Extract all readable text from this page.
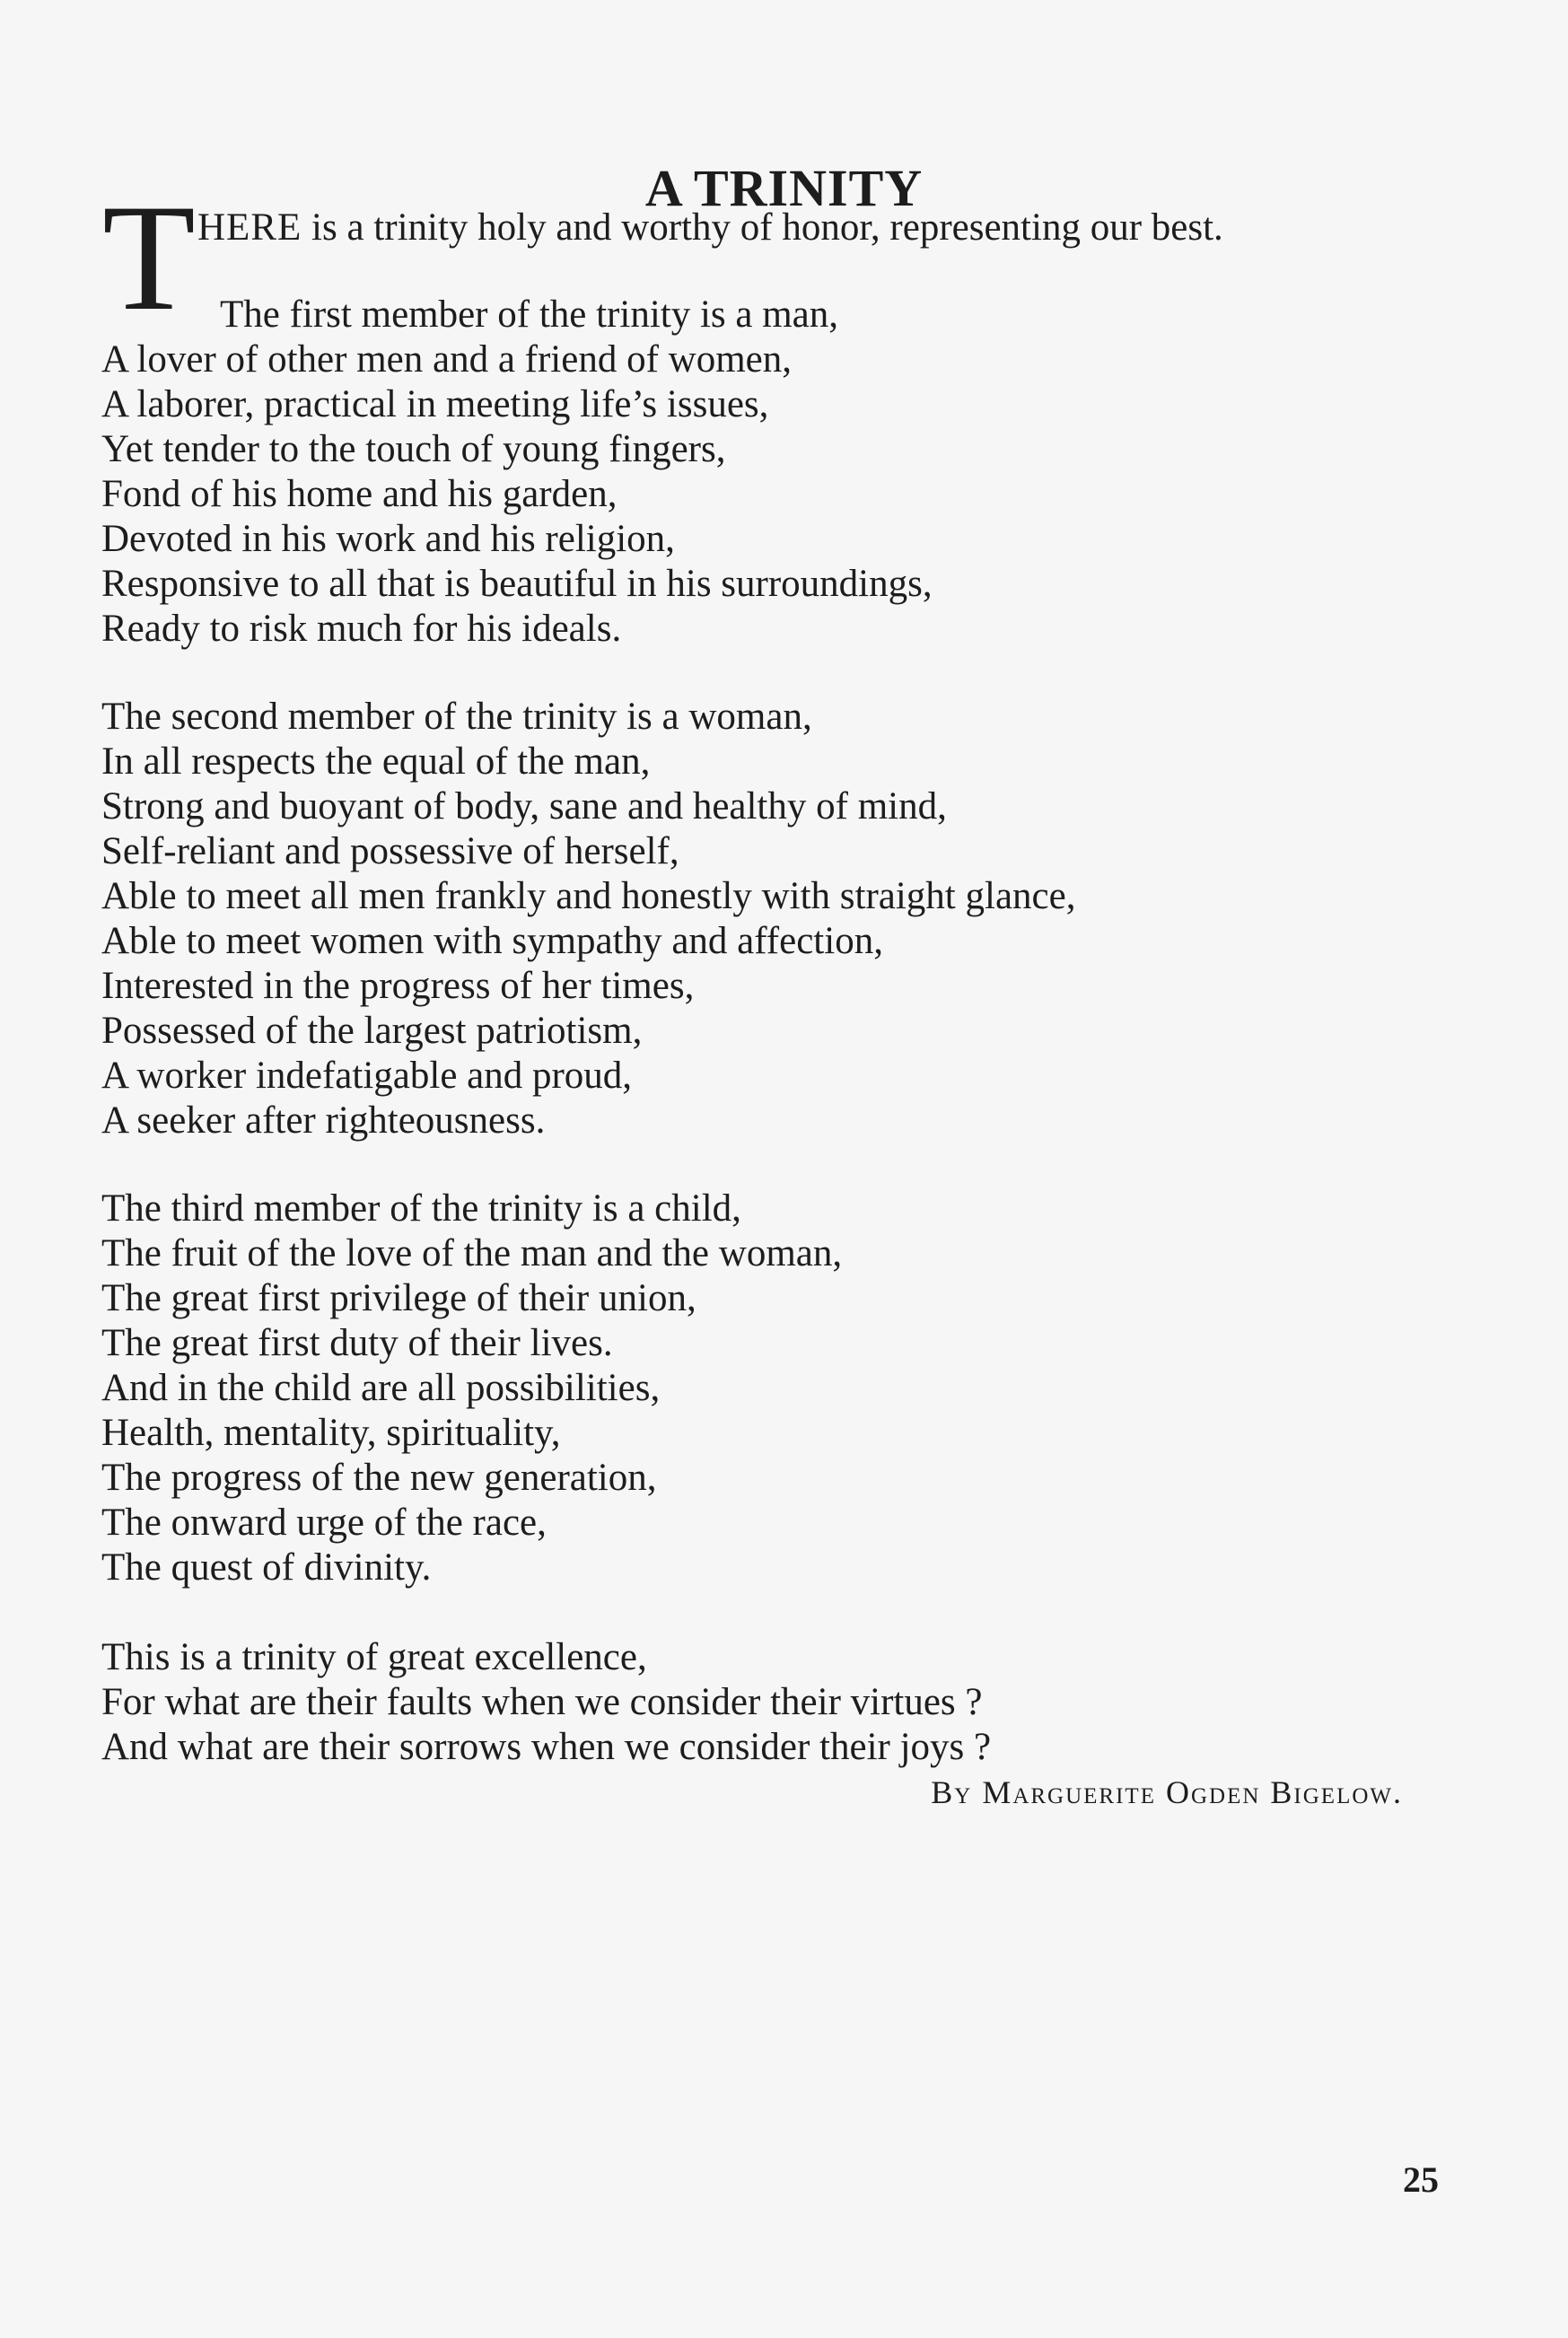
A TRINITY
T HERE is a trinity holy and worthy of honor, representing our best.
The first member of the trinity is a man,
A lover of other men and a friend of women,
A laborer, practical in meeting life’s issues,
Yet tender to the touch of young fingers,
Fond of his home and his garden,
Devoted in his work and his religion,
Responsive to all that is beautiful in his surroundings,
Ready to risk much for his ideals.
The second member of the trinity is a woman,
In all respects the equal of the man,
Strong and buoyant of body, sane and healthy of mind,
Self-reliant and possessive of herself,
Able to meet all men frankly and honestly with straight glance,
Able to meet women with sympathy and affection,
Interested in the progress of her times,
Possessed of the largest patriotism,
A worker indefatigable and proud,
A seeker after righteousness.
The third member of the trinity is a child,
The fruit of the love of the man and the woman,
The great first privilege of their union,
The great first duty of their lives.
And in the child are all possibilities,
Health, mentality, spirituality,
The progress of the new generation,
The onward urge of the race,
The quest of divinity.
This is a trinity of great excellence,
For what are their faults when we consider their virtues ?
And what are their sorrows when we consider their joys ?
By Marguerite Ogden Bigelow.
25
